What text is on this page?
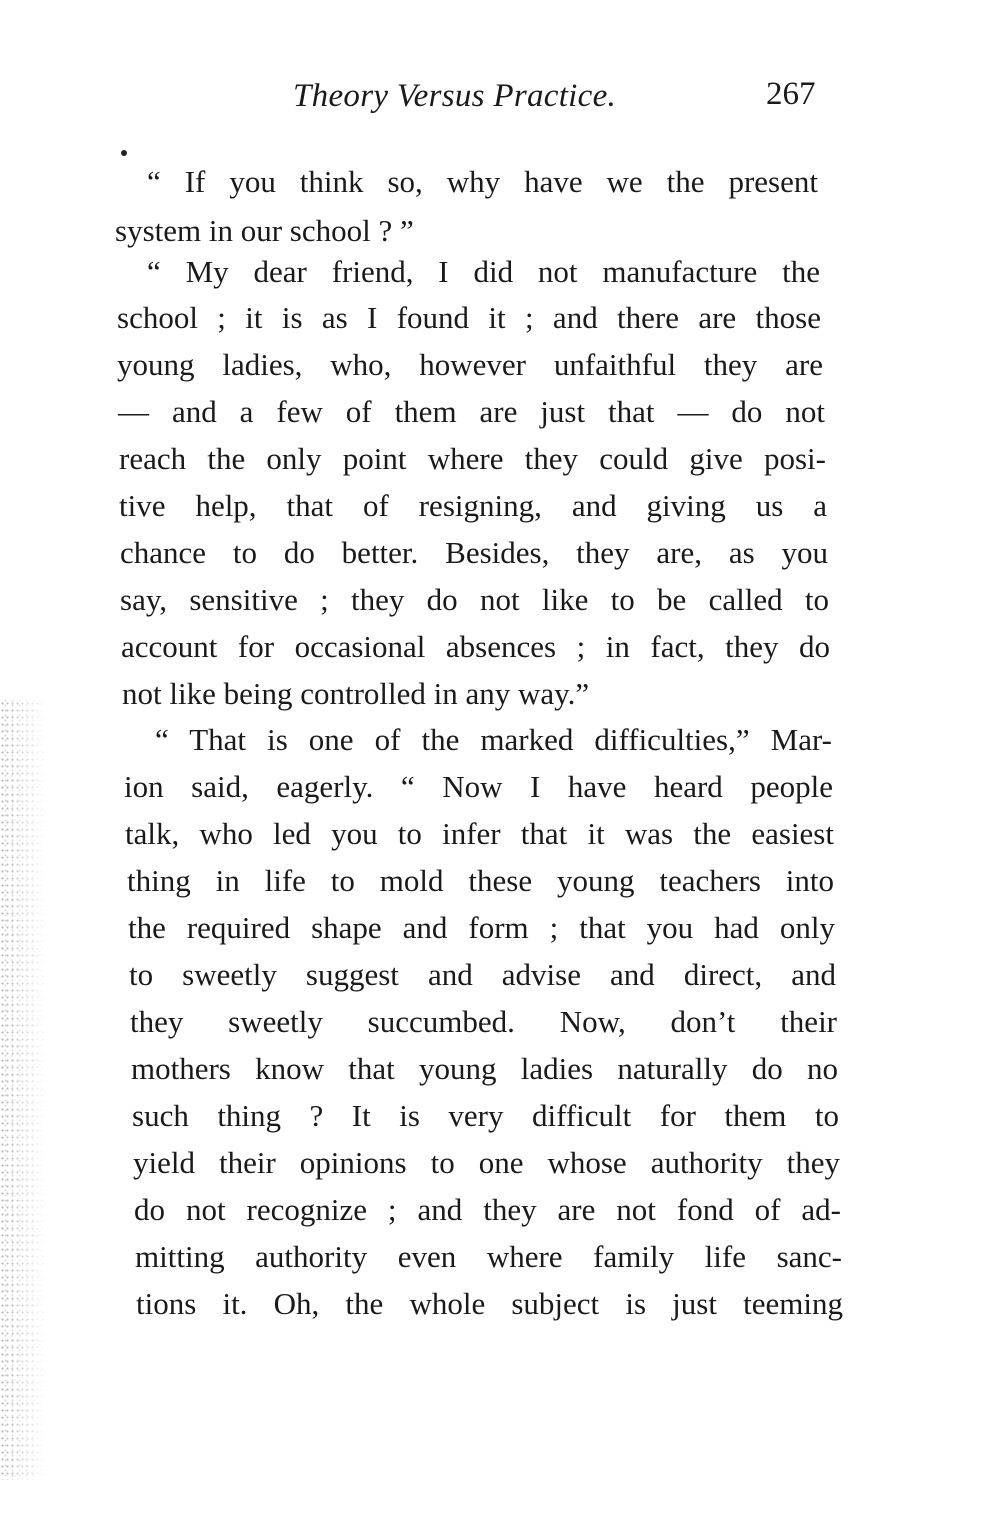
Theory Versus Practice.	267
“ If you think so, why have we the present
system in our school ? ”
“ My dear friend, I did not manufacture the
school ; it is as I found it ; and there are those
young ladies, who, however unfaithful they are
— and a few of them are just that — do not
reach the only point where they could give posi-
tive help, that of resigning, and giving us a
chance to do better. Besides, they are, as you
say, sensitive ; they do not like to be called to
account for occasional absences ; in fact, they do
not like being controlled in any way.”
“ That is one of the marked difficulties,” Mar-
ion said, eagerly. “ Now I have heard people
talk, who led you to infer that it was the easiest
thing in life to mold these young teachers into
the required shape and form ; that you had only
to sweetly suggest and advise and direct, and
they sweetly succumbed. Now, don’t their
mothers know that young ladies naturally do no
such thing ? It is very difficult for them to
yield their opinions to one whose authority they
do not recognize ; and they are not fond of ad-
mitting authority even where family life sanc-
tions it. Oh, the whole subject is just teeming
